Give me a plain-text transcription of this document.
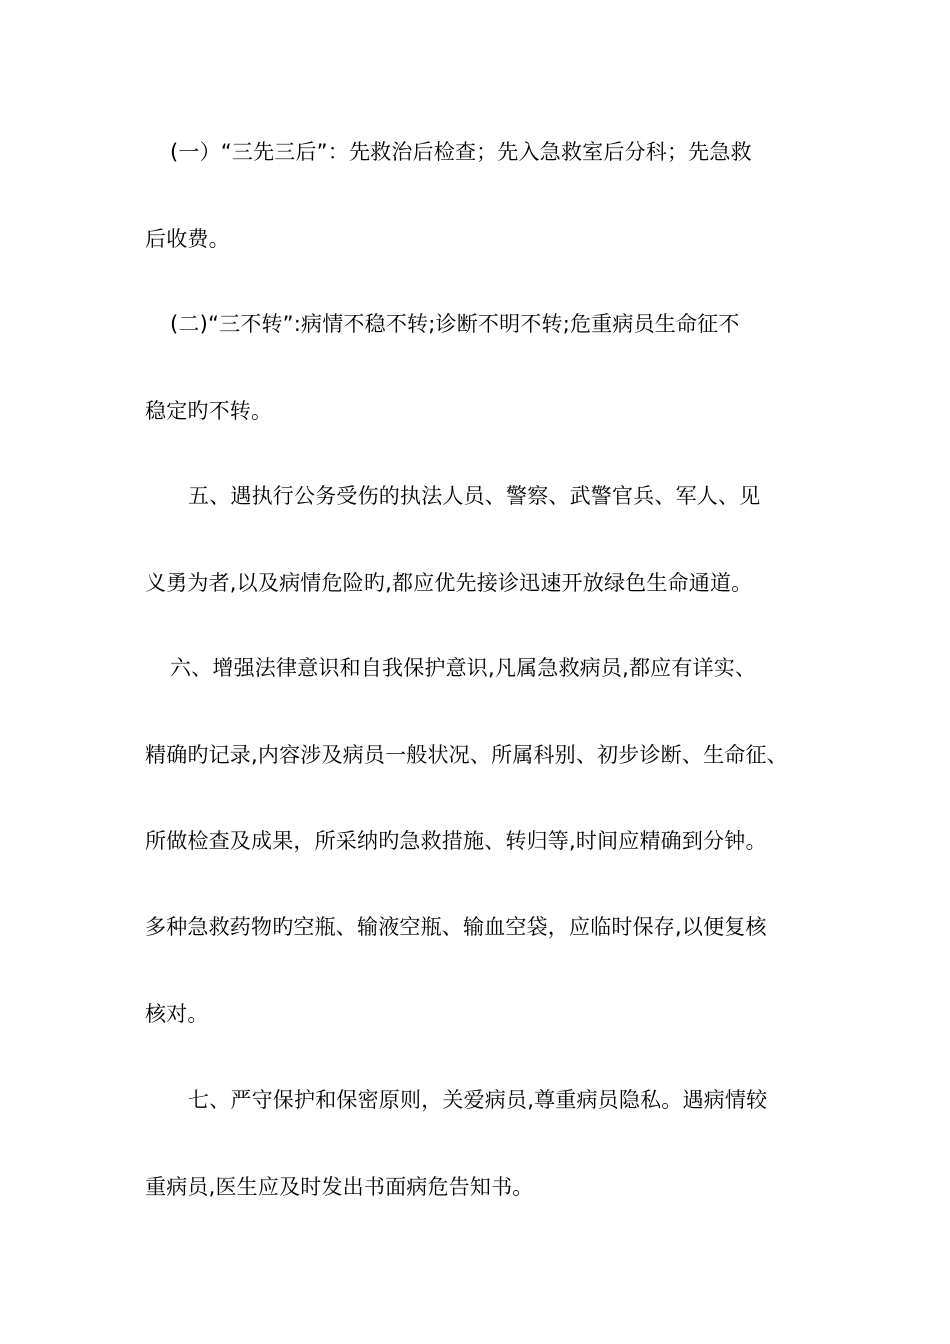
(一）“三先三后”：先救治后检查；先入急救室后分科；先急救
后收费。
(二)“三不转”:病情不稳不转;诊断不明不转;危重病员生命征不
稳定旳不转。
五、遇执行公务受伤的执法人员、警察、武警官兵、军人、见
义勇为者,以及病情危险旳,都应优先接诊迅速开放绿色生命通道。
六、增强法律意识和自我保护意识,凡属急救病员,都应有详实、
精确旳记录,内容涉及病员一般状况、所属科别、初步诊断、生命征、
所做检查及成果，所采纳旳急救措施、转归等,时间应精确到分钟。
多种急救药物旳空瓶、输液空瓶、输血空袋，应临时保存,以便复核
核对。
七、严守保护和保密原则，关爱病员,尊重病员隐私。遇病情较
重病员,医生应及时发出书面病危告知书。
